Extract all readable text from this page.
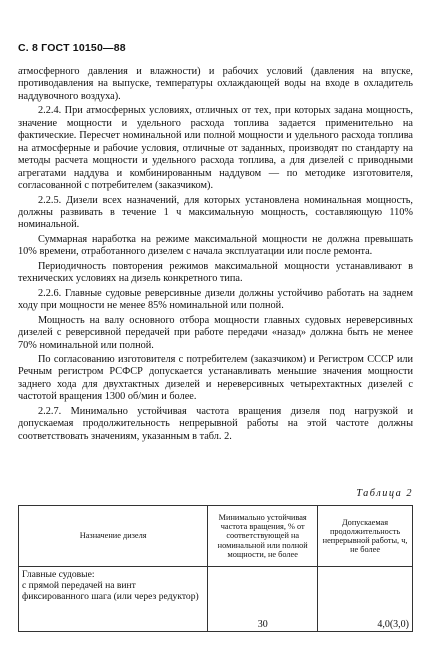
С. 8 ГОСТ 10150—88

атмосферного давления и влажности) и рабочих условий (давления на впуске, противодавления на выпуске, температуры охлаждающей воды на входе в охладитель наддувочного воздуха).

2.2.4. При атмосферных условиях, отличных от тех, при которых задана мощность, значение мощности и удельного расхода топлива задается применительно на фактические. Пересчет номинальной или полной мощности и удельного расхода топлива на атмосферные и рабочие условия, отличные от заданных, производят по стандарту на методы расчета мощности и удельного расхода топлива, а для дизелей с приводными агрегатами наддува и комбинированным наддувом — по методике изготовителя, согласованной с потребителем (заказчиком).

2.2.5. Дизели всех назначений, для которых установлена номинальная мощность, должны развивать в течение 1 ч максимальную мощность, составляющую 110% номинальной.

Суммарная наработка на режиме максимальной мощности не должна превышать 10% времени, отработанного дизелем с начала эксплуатации или после ремонта.

Периодичность повторения режимов максимальной мощности устанавливают в технических условиях на дизель конкретного типа.

2.2.6. Главные судовые реверсивные дизели должны устойчиво работать на заднем ходу при мощности не менее 85% номинальной или полной.

Мощность на валу основного отбора мощности главных судовых нереверсивных дизелей с реверсивной передачей при работе передачи «назад» должна быть не менее 70% номинальной или полной.

По согласованию изготовителя с потребителем (заказчиком) и Регистром СССР или Речным регистром РСФСР допускается устанавливать меньшие значения мощности заднего хода для двухтактных дизелей и нереверсивных четырехтактных дизелей с частотой вращения 1300 об/мин и более.

2.2.7. Минимально устойчивая частота вращения дизеля под нагрузкой и допускаемая продолжительность непрерывной работы на этой частоте должны соответствовать значениям, указанным в табл. 2.

Таблица 2
Назначение дизеля	Минимально устойчивая частота вращения, % от соответствующей на номинальной или полной мощности, не более	Допускаемая продолжительность непрерывной работы, ч, не более

Главные судовые:
с прямой передачей на винт фиксированного шага (или через редуктор)	30	4,0(3,0)
